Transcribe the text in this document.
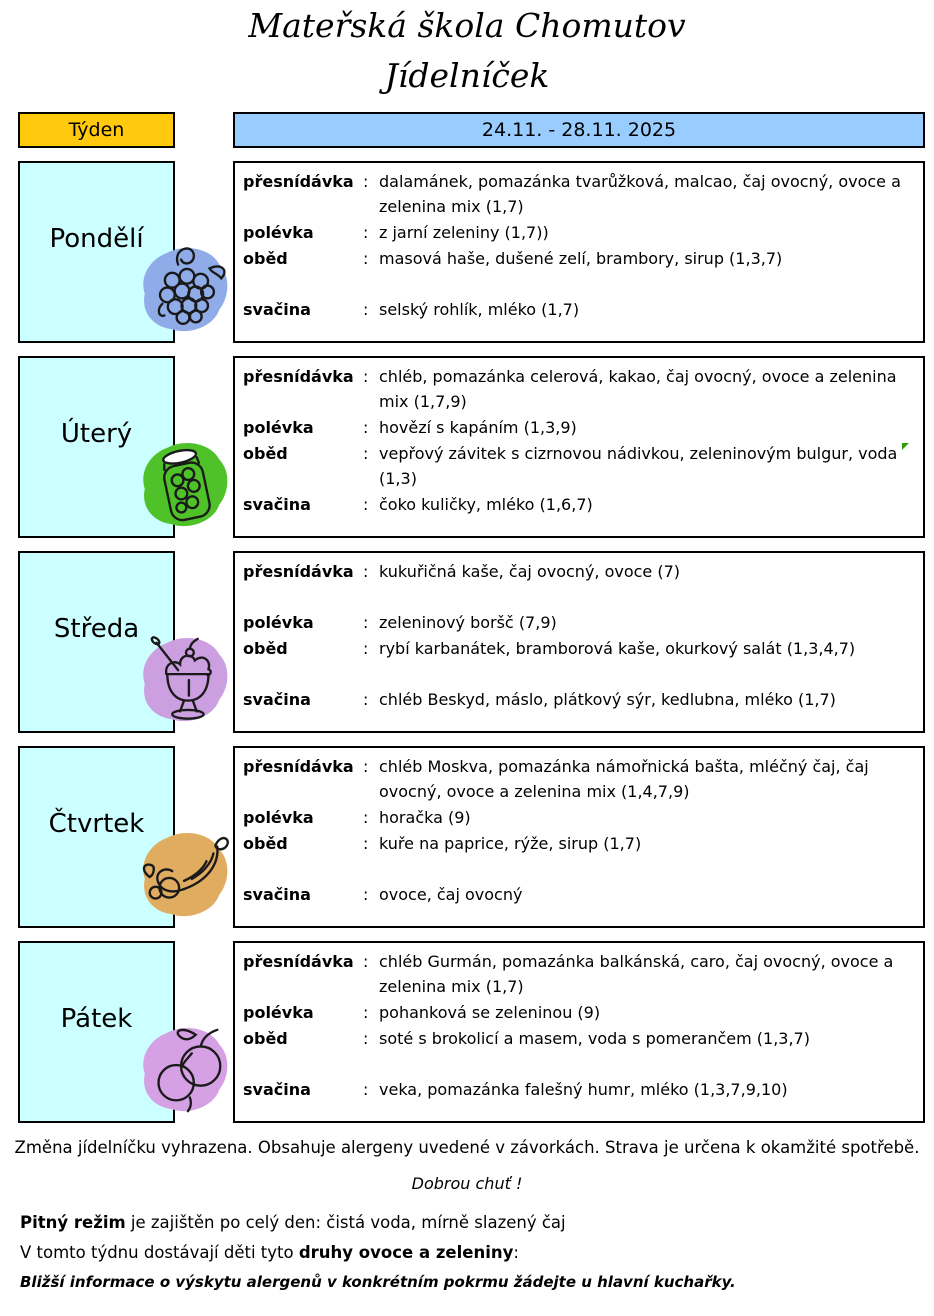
Mateřská škola Chomutov
Jídelníček
Týden	24.11. - 28.11. 2025
Pondělí
přesnídávka : dalamánek, pomazánka tvarůžková, malcao, čaj ovocný, ovoce a zelenina mix (1,7)
polévka	: z jarní zeleniny (1,7))
oběd	: masová haše, dušené zelí, brambory, sirup (1,3,7)
svačina	: selský rohlík, mléko (1,7)
Úterý
přesnídávka : chléb, pomazánka celerová, kakao, čaj ovocný, ovoce a zelenina mix (1,7,9)
polévka	: hovězí s kapáním (1,3,9)
oběd	: vepřový závitek s cizrnovou nádivkou, zeleninovým bulgur, voda (1,3)
svačina	: čoko kuličky, mléko (1,6,7)
Středa
přesnídávka : kukuřičná kaše, čaj ovocný, ovoce (7)
polévka	: zeleninový boršč (7,9)
oběd	: rybí karbanátek, bramborová kaše, okurkový salát (1,3,4,7)
svačina	: chléb Beskyd, máslo, plátkový sýr, kedlubna, mléko (1,7)
Čtvrtek
přesnídávka : chléb Moskva, pomazánka námořnická bašta, mléčný čaj, čaj ovocný, ovoce a zelenina mix (1,4,7,9)
polévka	: horačka (9)
oběd	: kuře na paprice, rýže, sirup (1,7)
svačina	: ovoce, čaj ovocný
Pátek
přesnídávka : chléb Gurmán, pomazánka balkánská, caro, čaj ovocný, ovoce a zelenina mix (1,7)
polévka	: pohanková se zeleninou (9)
oběd	: soté s brokolicí a masem, voda s pomerančem (1,3,7)
svačina	: veka, pomazánka falešný humr, mléko (1,3,7,9,10)
Změna jídelníčku vyhrazena. Obsahuje alergeny uvedené v závorkách. Strava je určena k okamžité spotřebě.
Dobrou chuť !
Pitný režim je zajištěn po celý den: čistá voda, mírně slazený čaj
V tomto týdnu dostávají děti tyto druhy ovoce a zeleniny:
Bližší informace o výskytu alergenů v konkrétním pokrmu žádejte u hlavní kuchařky.
